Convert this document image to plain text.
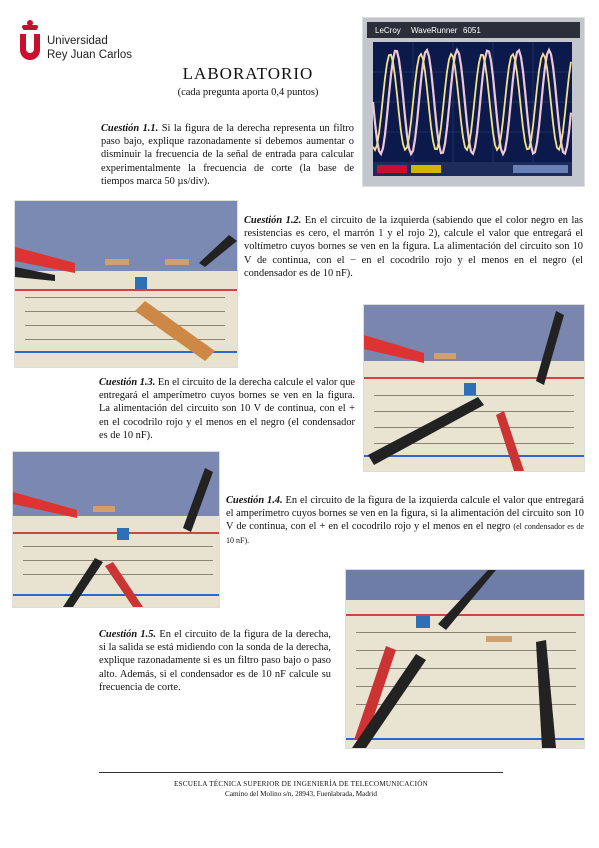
Universidad
Rey Juan Carlos
LABORATORIO
(cada pregunta aporta 0,4 puntos)
LeCroy WaveRunner 6051
Cuestión 1.1. Si la figura de la derecha representa un filtro paso bajo, explique razonadamente si debemos aumentar o disminuir la frecuencia de la señal de entrada para calcular experimentalmente la frecuencia de corte (la base de tiempos marca 50 µs/div).
Cuestión 1.2. En el circuito de la izquierda (sabiendo que el color negro en las resistencias es cero, el marrón 1 y el rojo 2), calcule el valor que entregará el voltímetro cuyos bornes se ven en la figura. La alimentación del circuito son 10 V de continua, con el − en el cocodrilo rojo y el menos en el negro (el condensador es de 10 nF).
Cuestión 1.3. En el circuito de la derecha calcule el valor que entregará el amperímetro cuyos bornes se ven en la figura. La alimentación del circuito son 10 V de continua, con el + en el cocodrilo rojo y el menos en el negro (el condensador es de 10 nF).
Cuestión 1.4. En el circuito de la figura de la izquierda calcule el valor que entregará el amperímetro cuyos bornes se ven en la figura, si la alimentación del circuito son 10 V de continua, con el + en el cocodrilo rojo y el menos en el negro (el condensador es de 10 nF).
Cuestión 1.5. En el circuito de la figura de la derecha, si la salida se está midiendo con la sonda de la derecha, explique razonadamente si es un filtro paso bajo o paso alto. Además, si el condensador es de 10 nF calcule su frecuencia de corte.
ESCUELA TÉCNICA SUPERIOR DE INGENIERÍA DE TELECOMUNICACIÓN
Camino del Molino s/n, 28943, Fuenlabrada, Madrid
